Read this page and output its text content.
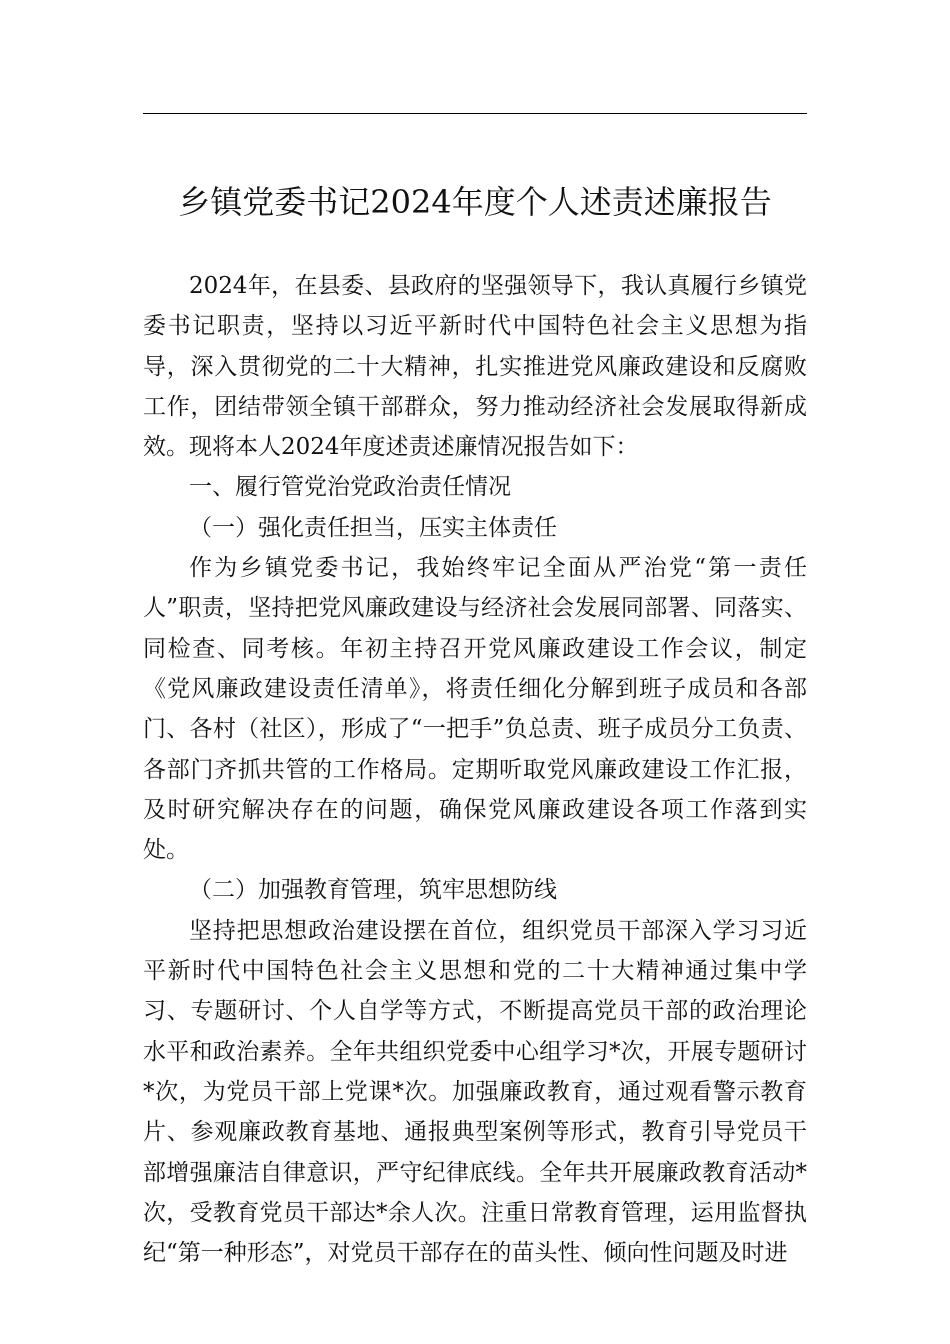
乡镇党委书记2024年度个人述责述廉报告

2024年，在县委、县政府的坚强领导下，我认真履行乡镇党委书记职责，坚持以习近平新时代中国特色社会主义思想为指导，深入贯彻党的二十大精神，扎实推进党风廉政建设和反腐败工作，团结带领全镇干部群众，努力推动经济社会发展取得新成效。现将本人2024年度述责述廉情况报告如下：

一、履行管党治党政治责任情况

（一）强化责任担当，压实主体责任

作为乡镇党委书记，我始终牢记全面从严治党“第一责任人”职责，坚持把党风廉政建设与经济社会发展同部署、同落实、同检查、同考核。年初主持召开党风廉政建设工作会议，制定《党风廉政建设责任清单》，将责任细化分解到班子成员和各部门、各村（社区），形成了“一把手”负总责、班子成员分工负责、各部门齐抓共管的工作格局。定期听取党风廉政建设工作汇报，及时研究解决存在的问题，确保党风廉政建设各项工作落到实处。

（二）加强教育管理，筑牢思想防线

坚持把思想政治建设摆在首位，组织党员干部深入学习习近平新时代中国特色社会主义思想和党的二十大精神通过集中学习、专题研讨、个人自学等方式，不断提高党员干部的政治理论水平和政治素养。全年共组织党委中心组学习*次，开展专题研讨*次，为党员干部上党课*次。加强廉政教育，通过观看警示教育片、参观廉政教育基地、通报典型案例等形式，教育引导党员干部增强廉洁自律意识，严守纪律底线。全年共开展廉政教育活动*次，受教育党员干部达*余人次。注重日常教育管理，运用监督执纪“第一种形态”，对党员干部存在的苗头性、倾向性问题及时进
